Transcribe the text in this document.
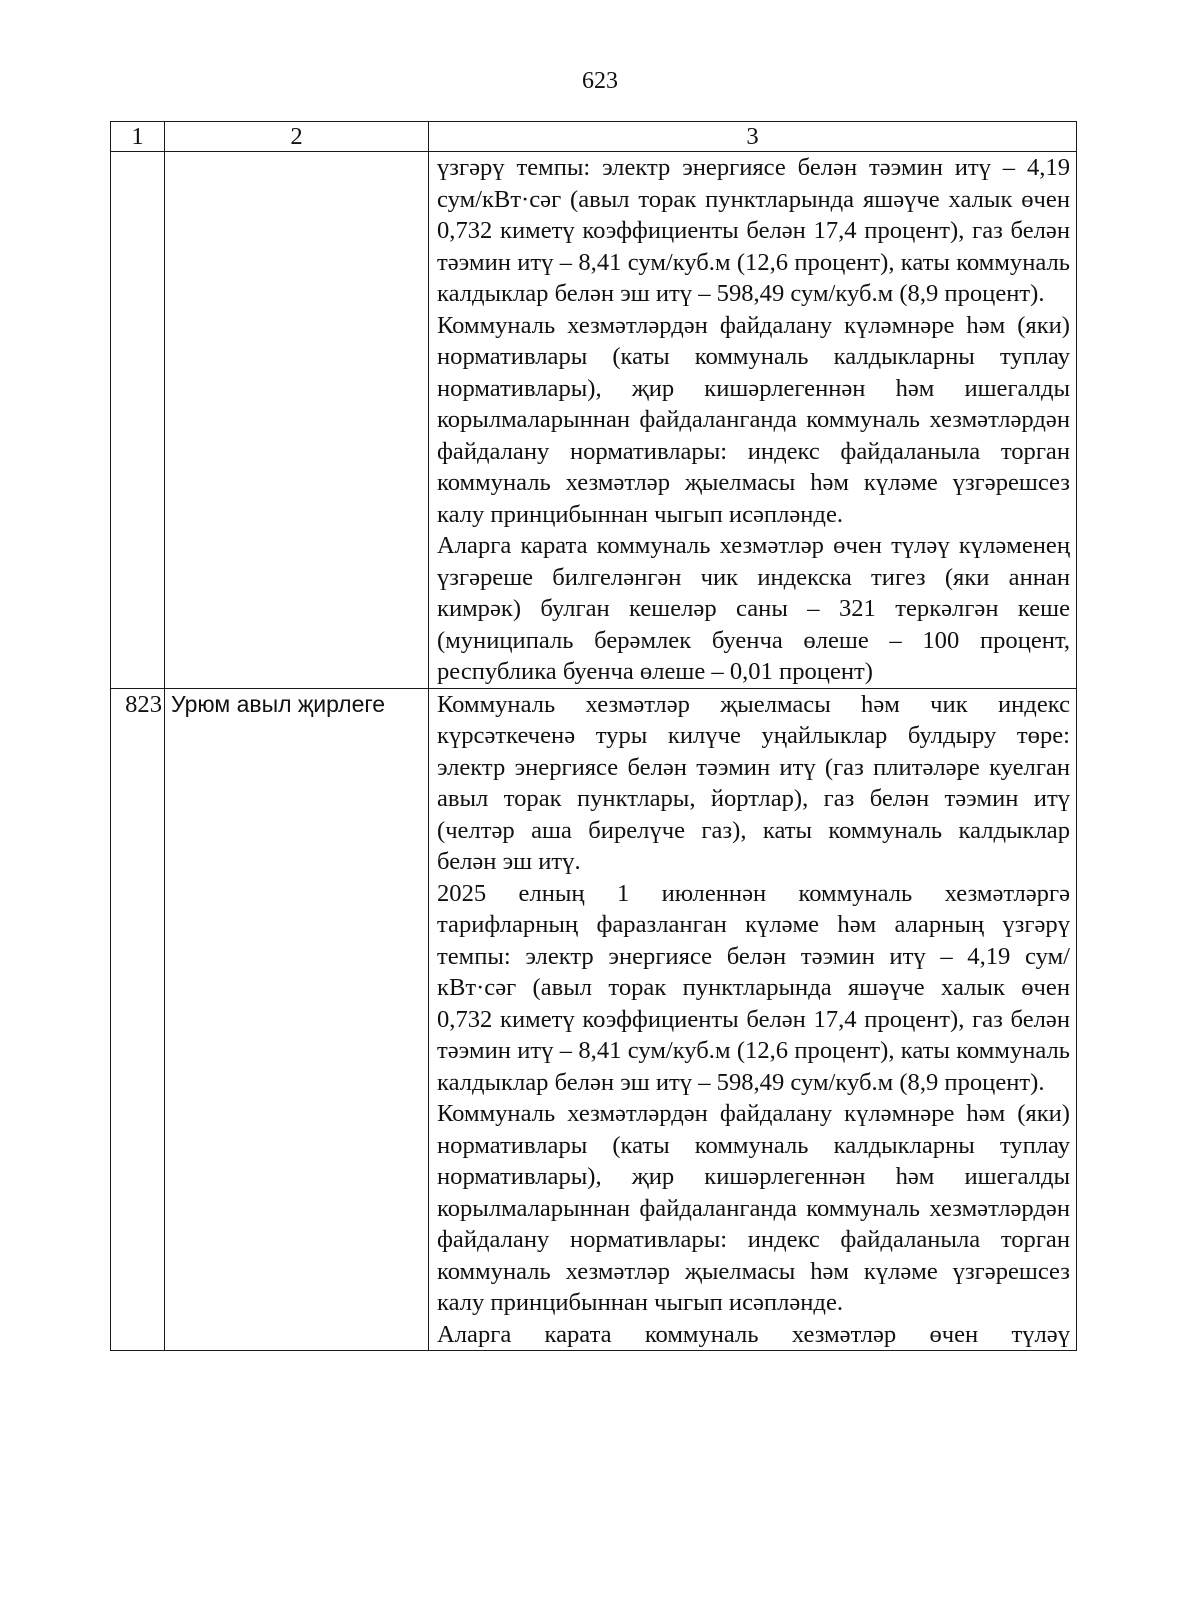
623
1	2	3

		үзгәрү темпы: электр энергиясе белән тәэмин итү – 4,19 сум/кВт·сәг (авыл торак пунктларында яшәүче халык өчен 0,732 киметү коэффициенты белән 17,4 процент), газ белән тәэмин итү – 8,41 сум/куб.м (12,6 процент), каты коммуналь калдыклар белән эш итү – 598,49 сум/куб.м (8,9 процент).

Коммуналь хезмәтләрдән файдалану күләмнәре һәм (яки) нормативлары (каты коммуналь калдыкларны туплау нормативлары), җир кишәрлегеннән һәм ишегалды корылмаларыннан файдаланганда коммуналь хезмәтләрдән файдалану нормативлары: индекс файдаланыла торган коммуналь хезмәтләр җыелмасы һәм күләме үзгәрешсез калу принцибыннан чыгып исәпләнде.

Аларга карата коммуналь хезмәтләр өчен түләү күләменең үзгәреше билгеләнгән чик индекска тигез (яки аннан кимрәк) булган кешеләр саны – 321 теркәлгән кеше (муниципаль берәмлек буенча өлеше – 100 процент, республика буенча өлеше – 0,01 процент)

823	Урюм авыл җирлеге	Коммуналь хезмәтләр җыелмасы һәм чик индекс күрсәткеченә туры килүче уңайлыклар булдыру төре: электр энергиясе белән тәэмин итү (газ плитәләре куелган авыл торак пунктлары, йортлар), газ белән тәэмин итү (челтәр аша бирелүче газ), каты коммуналь калдыклар белән эш итү.

2025 елның 1 июленнән коммуналь хезмәтләргә тарифларның фаразланган күләме һәм аларның үзгәрү темпы: электр энергиясе белән тәэмин итү – 4,19 сум/кВт·сәг (авыл торак пунктларында яшәүче халык өчен 0,732 киметү коэффициенты белән 17,4 процент), газ белән тәэмин итү – 8,41 сум/куб.м (12,6 процент), каты коммуналь калдыклар белән эш итү – 598,49 сум/куб.м (8,9 процент).

Коммуналь хезмәтләрдән файдалану күләмнәре һәм (яки) нормативлары (каты коммуналь калдыкларны туплау нормативлары), җир кишәрлегеннән һәм ишегалды корылмаларыннан файдаланганда коммуналь хезмәтләрдән файдалану нормативлары: индекс файдаланыла торган коммуналь хезмәтләр җыелмасы һәм күләме үзгәрешсез калу принцибыннан чыгып исәпләнде.

Аларга карата коммуналь хезмәтләр өчен түләү
